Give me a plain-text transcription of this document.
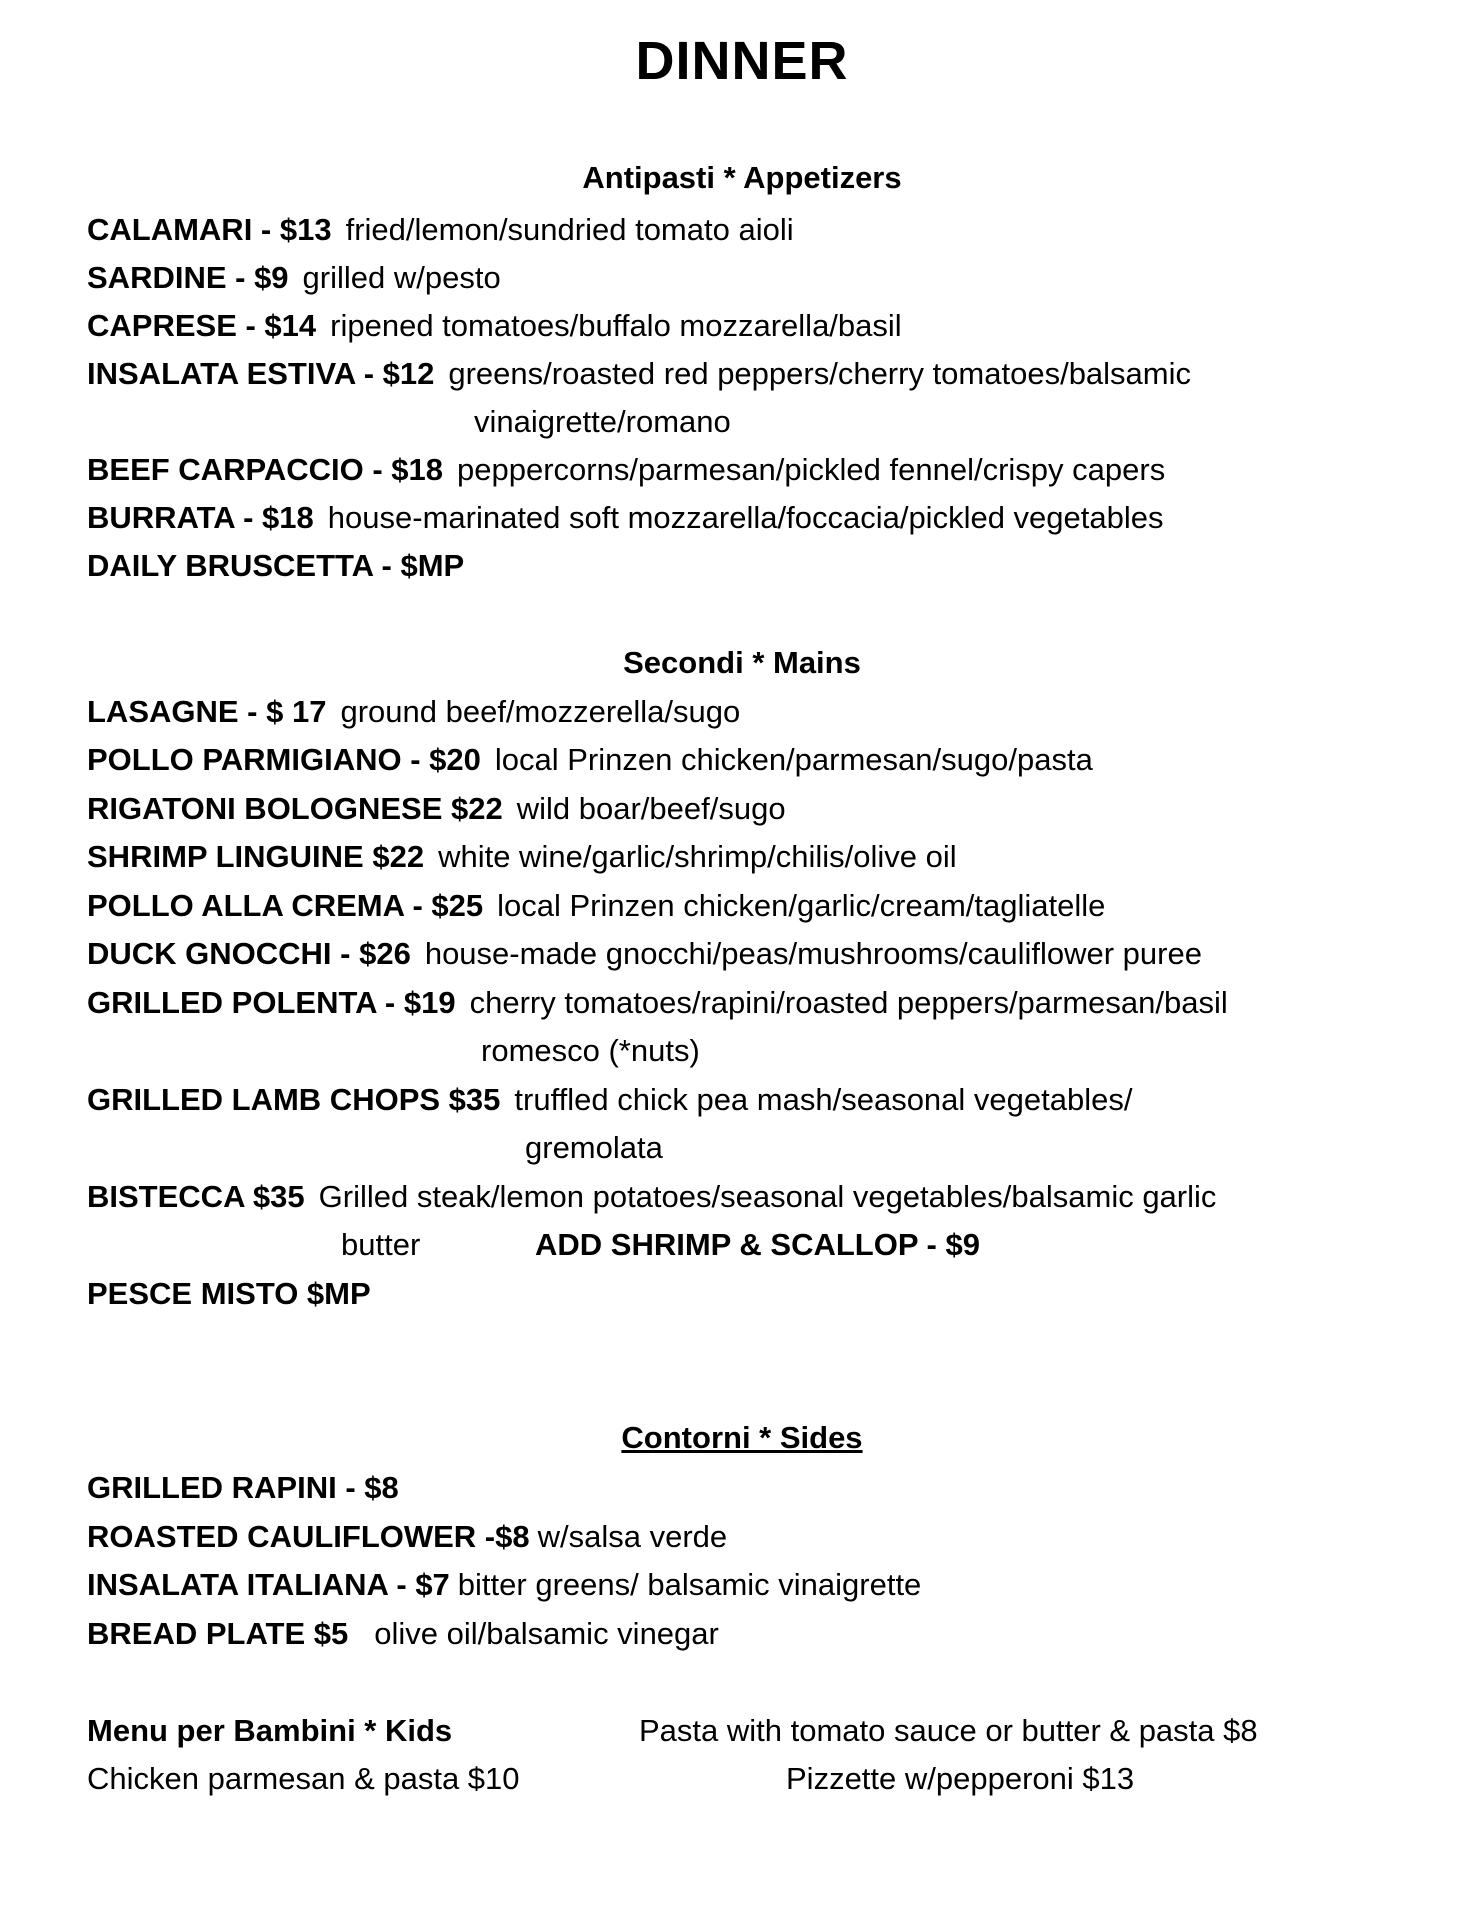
DINNER
Antipasti * Appetizers
CALAMARI - $13 fried/lemon/sundried tomato aioli
SARDINE - $9 grilled w/pesto
CAPRESE - $14 ripened tomatoes/buffalo mozzarella/basil
INSALATA ESTIVA - $12 greens/roasted red peppers/cherry tomatoes/balsamic
vinaigrette/romano
BEEF CARPACCIO - $18 peppercorns/parmesan/pickled fennel/crispy capers
BURRATA - $18 house-marinated soft mozzarella/foccacia/pickled vegetables
DAILY BRUSCETTA - $MP
Secondi * Mains
LASAGNE - $ 17 ground beef/mozzerella/sugo
POLLO PARMIGIANO - $20 local Prinzen chicken/parmesan/sugo/pasta
RIGATONI BOLOGNESE $22 wild boar/beef/sugo
SHRIMP LINGUINE $22 white wine/garlic/shrimp/chilis/olive oil
POLLO ALLA CREMA - $25 local Prinzen chicken/garlic/cream/tagliatelle
DUCK GNOCCHI - $26 house-made gnocchi/peas/mushrooms/cauliflower puree
GRILLED POLENTA - $19 cherry tomatoes/rapini/roasted peppers/parmesan/basil
romesco (*nuts)
GRILLED LAMB CHOPS $35 truffled chick pea mash/seasonal vegetables/
gremolata
BISTECCA $35 Grilled steak/lemon potatoes/seasonal vegetables/balsamic garlic
butter	ADD SHRIMP & SCALLOP - $9
PESCE MISTO $MP
Contorni * Sides
GRILLED RAPINI - $8
ROASTED CAULIFLOWER -$8 w/salsa verde
INSALATA ITALIANA - $7 bitter greens/ balsamic vinaigrette
BREAD PLATE $5 olive oil/balsamic vinegar
Menu per Bambini * Kids	Pasta with tomato sauce or butter & pasta $8
Chicken parmesan & pasta $10	Pizzette w/pepperoni $13
